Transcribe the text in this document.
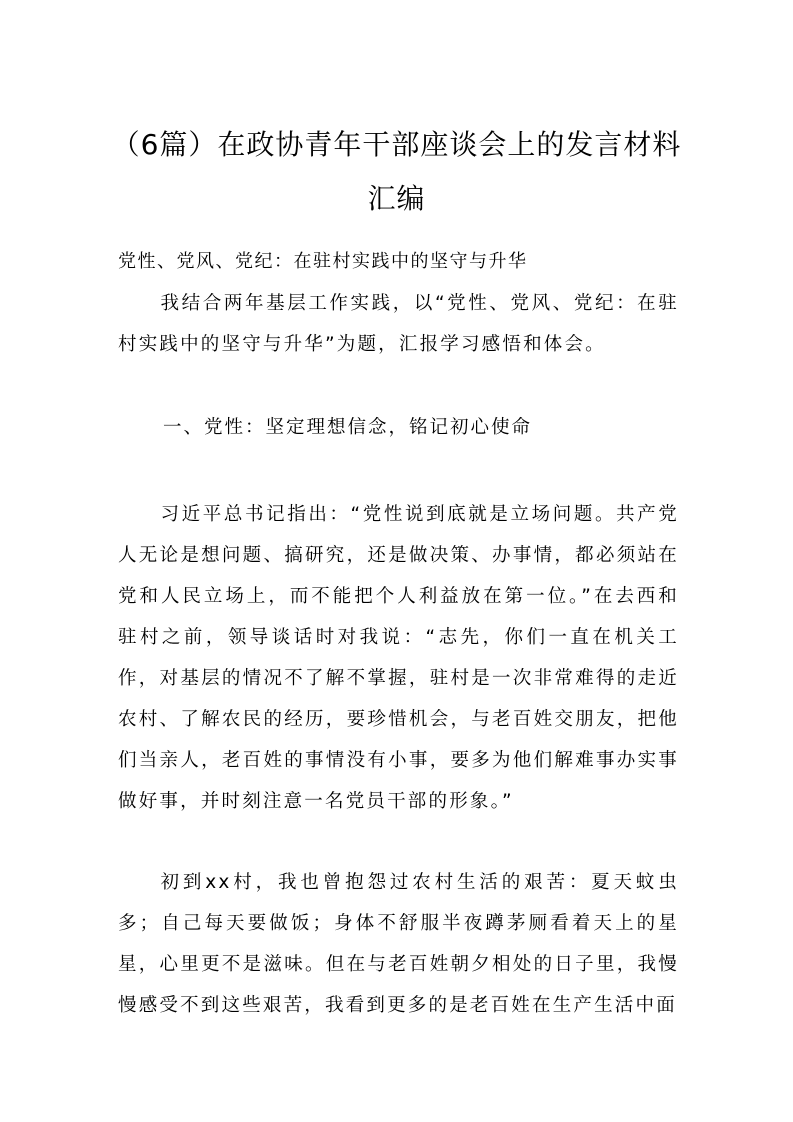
（6篇）在政协青年干部座谈会上的发言材料汇编

党性、党风、党纪：在驻村实践中的坚守与升华

我结合两年基层工作实践，以“党性、党风、党纪：在驻村实践中的坚守与升华”为题，汇报学习感悟和体会。

一、党性：坚定理想信念，铭记初心使命

习近平总书记指出：“党性说到底就是立场问题。共产党人无论是想问题、搞研究，还是做决策、办事情，都必须站在党和人民立场上，而不能把个人利益放在第一位。”在去西和驻村之前，领导谈话时对我说：“志先，你们一直在机关工作，对基层的情况不了解不掌握，驻村是一次非常难得的走近农村、了解农民的经历，要珍惜机会，与老百姓交朋友，把他们当亲人，老百姓的事情没有小事，要多为他们解难事办实事做好事，并时刻注意一名党员干部的形象。”

初到xx村，我也曾抱怨过农村生活的艰苦：夏天蚊虫多；自己每天要做饭；身体不舒服半夜蹲茅厕看着天上的星星，心里更不是滋味。但在与老百姓朝夕相处的日子里，我慢慢感受不到这些艰苦，我看到更多的是老百姓在生产生活中面
